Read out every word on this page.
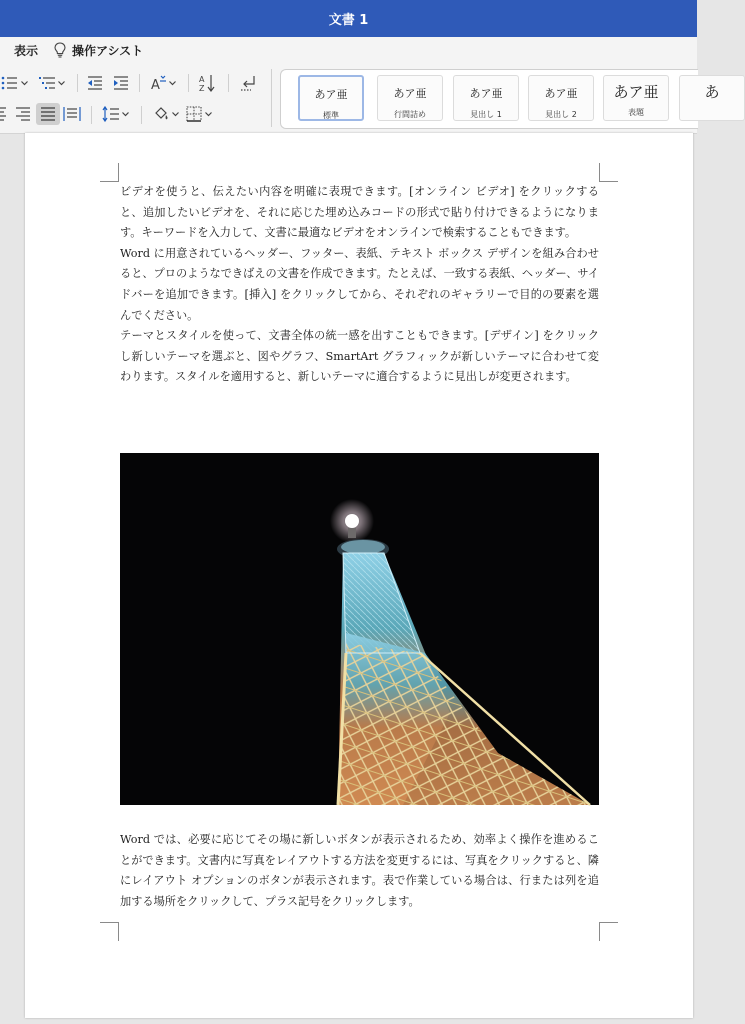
文書 1
表示	操作アシスト
A	A
Z	あア亜
標準
あア亜
行間詰め
あア亜
見出し 1
あア亜
見出し 2
あア亜
表題
あ

ビデオを使うと、伝えたい内容を明確に表現できます。[オンライン ビデオ] をクリックすると、追加したいビデオを、それに応じた埋め込みコードの形式で貼り付けできるようになります。キーワードを入力して、文書に最適なビデオをオンラインで検索することもできます。

Word に用意されているヘッダー、フッター、表紙、テキスト ボックス デザインを組み合わせると、プロのようなできばえの文書を作成できます。たとえば、一致する表紙、ヘッダー、サイドバーを追加できます。[挿入] をクリックしてから、それぞれのギャラリーで目的の要素を選んでください。

テーマとスタイルを使って、文書全体の統一感を出すこともできます。[デザイン] をクリックし新しいテーマを選ぶと、図やグラフ、SmartArt グラフィックが新しいテーマに合わせて変わります。スタイルを適用すると、新しいテーマに適合するように見出しが変更されます。

Word では、必要に応じてその場に新しいボタンが表示されるため、効率よく操作を進めることができます。文書内に写真をレイアウトする方法を変更するには、写真をクリックすると、隣にレイアウト オプションのボタンが表示されます。表で作業している場合は、行または列を追加する場所をクリックして、プラス記号をクリックします。
